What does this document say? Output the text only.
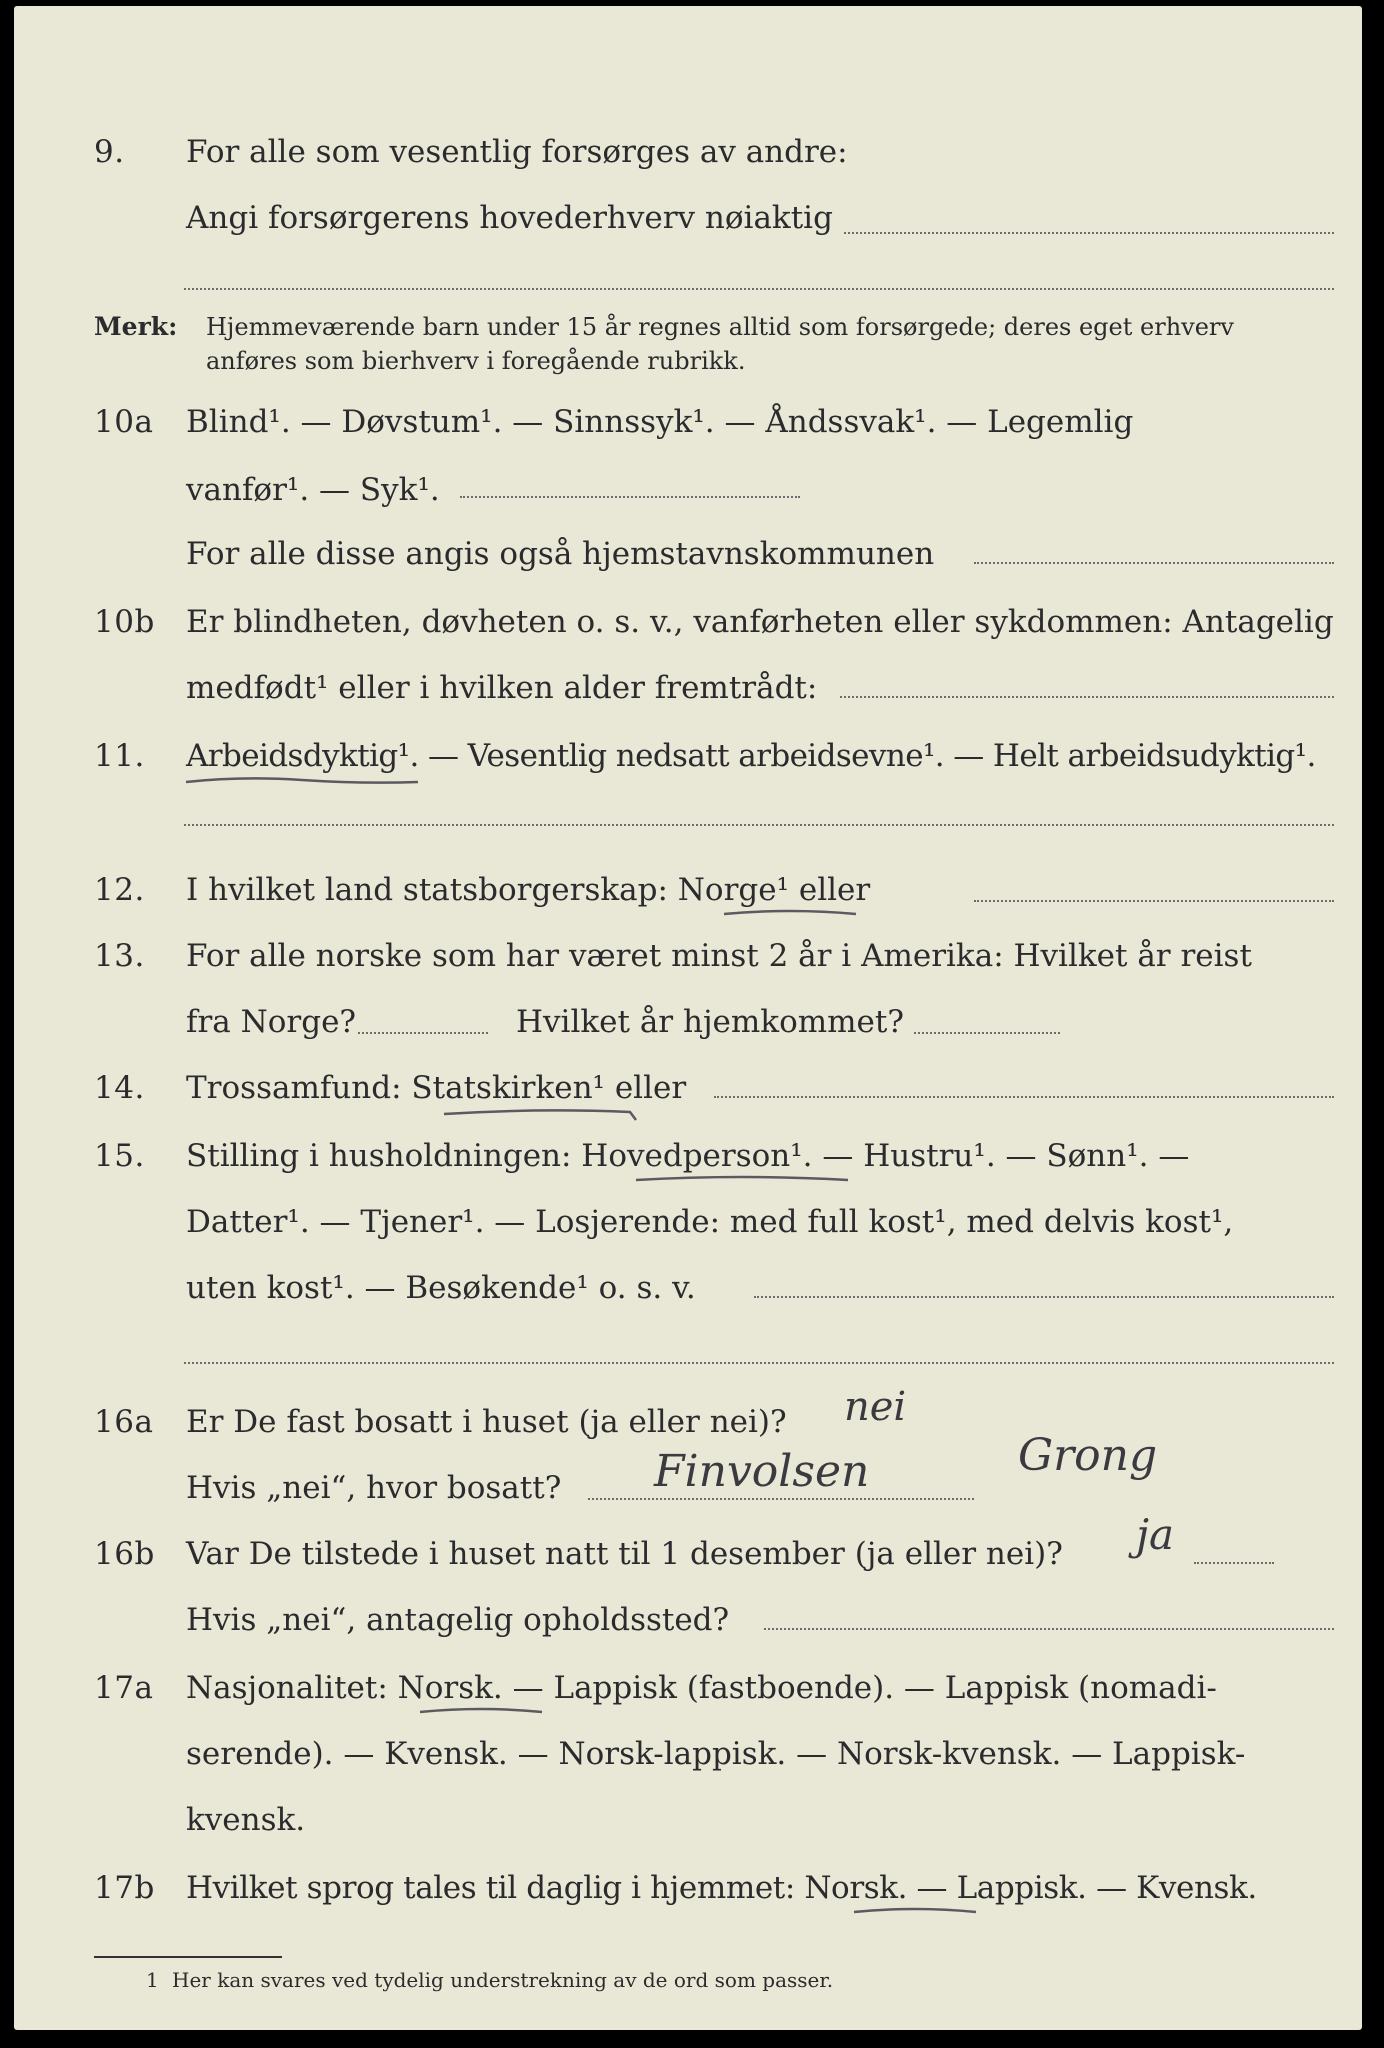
9. For alle som vesentlig forsørges av andre:
Angi forsørgerens hovederhverv nøiaktig
Merk: Hjemmeværende barn under 15 år regnes alltid som forsørgede; deres eget erhverv
anføres som bierhverv i foregående rubrikk.
10a Blind¹. — Døvstum¹. — Sinnssyk¹. — Åndssvak¹. — Legemlig
vanfør¹. — Syk¹.
For alle disse angis også hjemstavnskommunen
10b Er blindheten, døvheten o. s. v., vanførheten eller sykdommen: Antagelig
medfødt¹ eller i hvilken alder fremtrådt:
11. Arbeidsdyktig¹. — Vesentlig nedsatt arbeidsevne¹. — Helt arbeidsudyktig¹.
12. I hvilket land statsborgerskap: Norge¹ eller
13. For alle norske som har været minst 2 år i Amerika: Hvilket år reist
fra Norge?	Hvilket år hjemkommet?
14. Trossamfund: Statskirken¹ eller
15. Stilling i husholdningen: Hovedperson¹. — Hustru¹. — Sønn¹. —
Datter¹. — Tjener¹. — Losjerende: med full kost¹, med delvis kost¹,
uten kost¹. — Besøkende¹ o. s. v.
16a Er De fast bosatt i huset (ja eller nei)? nei
Hvis „nei“, hvor bosatt? Finvolsen	Grong
16b Var De tilstede i huset natt til 1 desember (ja eller nei)? ja
Hvis „nei“, antagelig opholdssted?
17a Nasjonalitet: Norsk. — Lappisk (fastboende). — Lappisk (nomadi-
serende). — Kvensk. — Norsk-lappisk. — Norsk-kvensk. — Lappisk-
kvensk.
17b Hvilket sprog tales til daglig i hjemmet: Norsk. — Lappisk. — Kvensk.
1 Her kan svares ved tydelig understrekning av de ord som passer.
